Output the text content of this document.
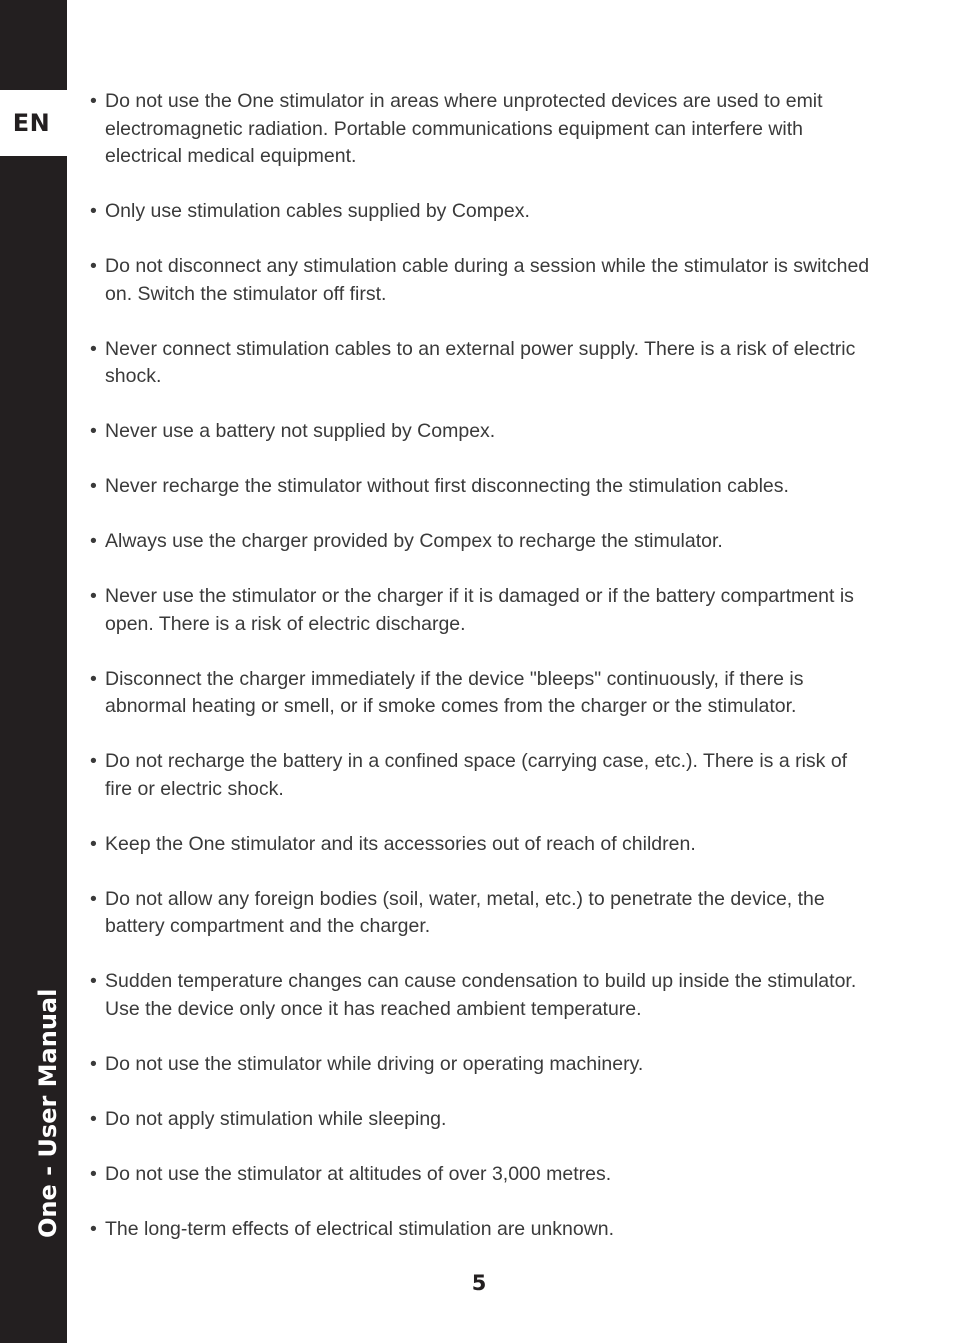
EN
One - User Manual
• Do not use the One stimulator in areas where unprotected devices are used to emit electromagnetic radiation. Portable communications equipment can interfere with electrical medical equipment.
• Only use stimulation cables supplied by Compex.
• Do not disconnect any stimulation cable during a session while the stimulator is switched on. Switch the stimulator off first.
• Never connect stimulation cables to an external power supply. There is a risk of electric shock.
• Never use a battery not supplied by Compex.
• Never recharge the stimulator without first disconnecting the stimulation cables.
• Always use the charger provided by Compex to recharge the stimulator.
• Never use the stimulator or the charger if it is damaged or if the battery compartment is open. There is a risk of electric discharge.
• Disconnect the charger immediately if the device "bleeps" continuously, if there is abnormal heating or smell, or if smoke comes from the charger or the stimulator.
• Do not recharge the battery in a confined space (carrying case, etc.). There is a risk of fire or electric shock.
• Keep the One stimulator and its accessories out of reach of children.
• Do not allow any foreign bodies (soil, water, metal, etc.) to penetrate the device, the battery compartment and the charger.
• Sudden temperature changes can cause condensation to build up inside the stimulator. Use the device only once it has reached ambient temperature.
• Do not use the stimulator while driving or operating machinery.
• Do not apply stimulation while sleeping.
• Do not use the stimulator at altitudes of over 3,000 metres.
• The long-term effects of electrical stimulation are unknown.
5
